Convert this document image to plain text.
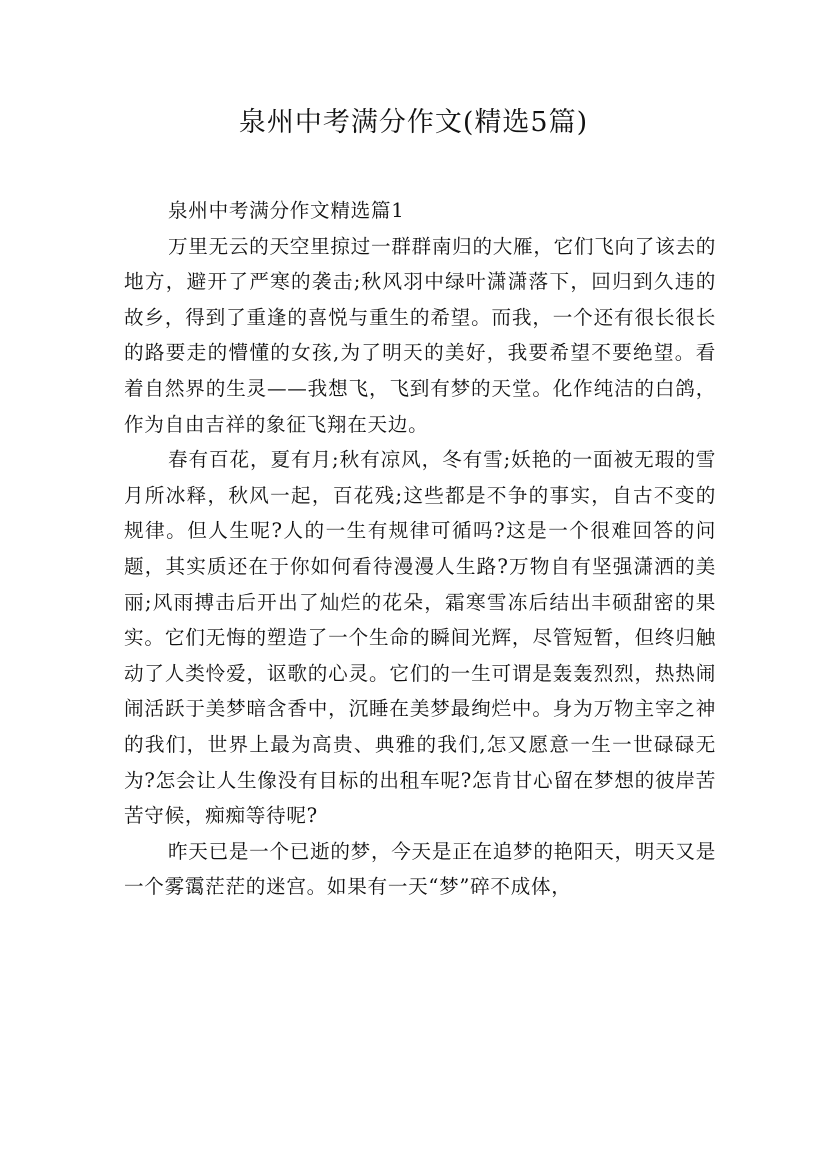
泉州中考满分作文(精选5篇)

泉州中考满分作文精选篇1

万里无云的天空里掠过一群群南归的大雁，它们飞向了该去的地方，避开了严寒的袭击;秋风羽中绿叶潇潇落下，回归到久违的故乡，得到了重逢的喜悦与重生的希望。而我，一个还有很长很长的路要走的懵懂的女孩,为了明天的美好，我要希望不要绝望。看着自然界的生灵——我想飞，飞到有梦的天堂。化作纯洁的白鸽，作为自由吉祥的象征飞翔在天边。

春有百花，夏有月;秋有凉风，冬有雪;妖艳的一面被无瑕的雪月所冰释，秋风一起，百花残;这些都是不争的事实，自古不变的规律。但人生呢?人的一生有规律可循吗?这是一个很难回答的问题，其实质还在于你如何看待漫漫人生路?万物自有坚强潇洒的美丽;风雨搏击后开出了灿烂的花朵，霜寒雪冻后结出丰硕甜密的果实。它们无悔的塑造了一个生命的瞬间光辉，尽管短暂，但终归触动了人类怜爱，讴歌的心灵。它们的一生可谓是轰轰烈烈，热热闹闹活跃于美梦暗含香中，沉睡在美梦最绚烂中。身为万物主宰之神的我们，世界上最为高贵、典雅的我们,怎又愿意一生一世碌碌无为?怎会让人生像没有目标的出租车呢?怎肯甘心留在梦想的彼岸苦苦守候，痴痴等待呢?

昨天已是一个已逝的梦，今天是正在追梦的艳阳天，明天又是一个雾霭茫茫的迷宫。如果有一天“梦”碎不成体，
